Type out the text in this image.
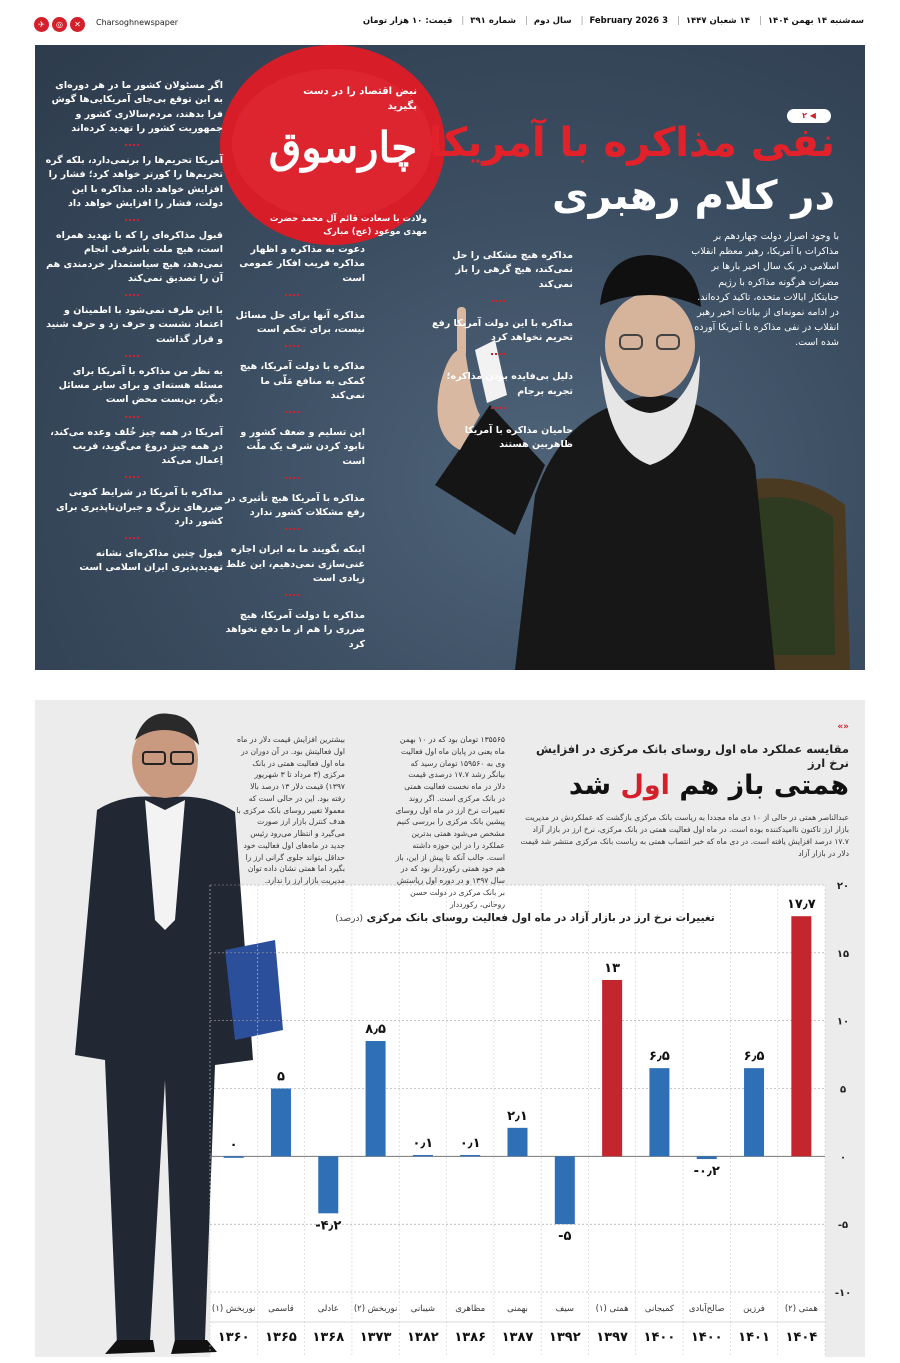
✈	◎	✕	Charsoghnewspaper	سه‌شنبه ۱۴ بهمن ۱۴۰۴| ۱۴ شعبان ۱۴۴۷| 3 February 2026| سال دوم| شماره ۳۹۱| قیمت: ۱۰ هزار تومان
نبض اقتصاد را در دست بگیرید
چارسوق
ولادت با سعادت قائم آل محمد حضرت مهدی موعود (عج) مبارک
۲ ◀
نفی مذاکره با آمریکا
در کلام رهبری
با وجود اصرار دولت چهاردهم بر مذاکرات با آمریکا، رهبر معظم انقلاب اسلامی در یک سال اخیر بارها بر مضرات هرگونه مذاکره با رژیم جنایتکار ایالات متحده، تاکید کرده‌اند. در ادامه نمونه‌ای از بیانات اخیر رهبر انقلاب در نفی مذاکره با آمریکا آورده شده است.
اگر مسئولان کشور ما در هر دوره‌ای به این توقع بی‌جای آمریکایی‌ها گوش فرا بدهند، مردم‌سالاری کشور و جمهوریت کشور را تهدید کرده‌اند
آمریکا تحریم‌ها را برنمی‌دارد، بلکه گره تحریم‌ها را کورتر خواهد کرد؛ فشار را افزایش خواهد داد. مذاکره با این دولت، فشار را افزایش خواهد داد
قبول مذاکره‌ای را که با تهدید همراه است، هیچ ملت باشرفی انجام نمی‌دهد، هیچ سیاستمدار خردمندی هم آن را تصدیق نمی‌کند
با این طرف نمی‌شود با اطمینان و اعتماد نشست و حرف زد و حرف شنید و قرار گذاشت
به نظر من مذاکره با آمریکا برای مسئله هسته‌ای و برای سایر مسائل دیگر، بن‌بست محض است
آمریکا در همه چیز خُلف وعده می‌کند، در همه چیز دروغ می‌گوید، فریب اِعمال می‌کند
مذاکره با آمریکا در شرایط کنونی ضررهای بزرگ و جبران‌ناپذیری برای کشور دارد
قبول چنین مذاکره‌ای نشانه تهدیدپذیری ایران اسلامی است
دعوت به مذاکره و اظهار مذاکره فریب افکار عمومی است
مذاکره آنها برای حل مسائل نیست، برای تحکم است
مذاکره با دولت آمریکا، هیچ کمکی به منافع مَلّی ما نمی‌کند
این تسلیم و ضعف کشور و نابود کردن شرف یک ملّت است
مذاکره با آمریکا هیچ تأثیری در رفع مشکلات کشور ندارد
اینکه بگویند ما به ایران اجازه غنی‌سازی نمی‌دهیم، این غلط زیادی است
مذاکره با دولت آمریکا، هیچ ضرری را هم از ما دفع نخواهد کرد
مذاکره هیچ مشکلی را حل نمی‌کند، هیچ گرهی را باز نمی‌کند
مذاکره با این دولت آمریکا رفع تحریم نخواهد کرد
دلیل بی‌فایده بودن مذاکره؛ تجربه برجام
حامیان مذاکره با آمریکا ظاهربین هستند
«»
مقایسه عملکرد ماه اول روسای بانک مرکزی در افزایش نرخ ارز
همتی باز هم اول شد
۱۳۵۵۶۵ تومان بود که در ۱۰ بهمن ماه یعنی در پایان ماه اول فعالیت وی به ۱۵۹۵۶۰ تومان رسید که بیانگر رشد ۱۷.۷ درصدی قیمت دلار در ماه نخست فعالیت همتی در بانک مرکزی است. اگر روند تغییرات نرخ ارز در ماه اول روسای پیشین بانک مرکزی را بررسی کنیم مشخص می‌شود همتی بدترین عملکرد را در این حوزه داشته است. جالب آنکه تا پیش از این، باز هم خود همتی رکورددار بود که در سال ۱۳۹۷ و در دوره اول ریاستش بر بانک مرکزی در دولت حسن روحانی، رکورددار
بیشترین افزایش قیمت دلار در ماه اول فعالیتش بود. در آن دوران در ماه اول فعالیت همتی در بانک مرکزی (۳ مرداد تا ۳ شهریور ۱۳۹۷) قیمت دلار ۱۳ درصد بالا رفته بود. این در حالی است که معمولا تغییر روسای بانک مرکزی با هدف کنترل بازار ارز صورت می‌گیرد و انتظار می‌رود رئیس جدید در ماه‌های اول فعالیت خود حداقل بتواند جلوی گرانی ارز را بگیرد اما همتی نشان داده توان مدیریت بازار ارز را ندارد.
عبدالناصر همتی در حالی از ۱۰ دی ماه مجددا به ریاست بانک مرکزی بازگشت که عملکردش در مدیریت بازار ارز تاکنون ناامیدکننده بوده است. در ماه اول فعالیت همتی در بانک مرکزی، نرخ ارز در بازار آزاد ۱۷.۷ درصد افزایش یافته است. در دی ماه که خبر انتصاب همتی به ریاست بانک مرکزی منتشر شد قیمت دلار در بازار آزاد
۲۰
۱۵
۱۰
۵
۰
-۵
-۱۰
۰
نوربخش (۱)
۱۳۶۰
۵
قاسمی
۱۳۶۵
-۴٫۲
عادلی
۱۳۶۸
۸٫۵
نوربخش (۲)
۱۳۷۳
۰٫۱
شیبانی
۱۳۸۲
۰٫۱
مظاهری
۱۳۸۶
۲٫۱
بهمنی
۱۳۸۷
-۵
سیف
۱۳۹۲
۱۳
همتی (۱)
۱۳۹۷
۶٫۵
کمیجانی
۱۴۰۰
-۰٫۲
صالح‌آبادی
۱۴۰۰
۶٫۵
فرزین
۱۴۰۱
۱۷٫۷
همتی (۲)
۱۴۰۴
تغییرات نرخ ارز در بازار آزاد در ماه اول فعالیت روسای بانک مرکزی (درصد)
